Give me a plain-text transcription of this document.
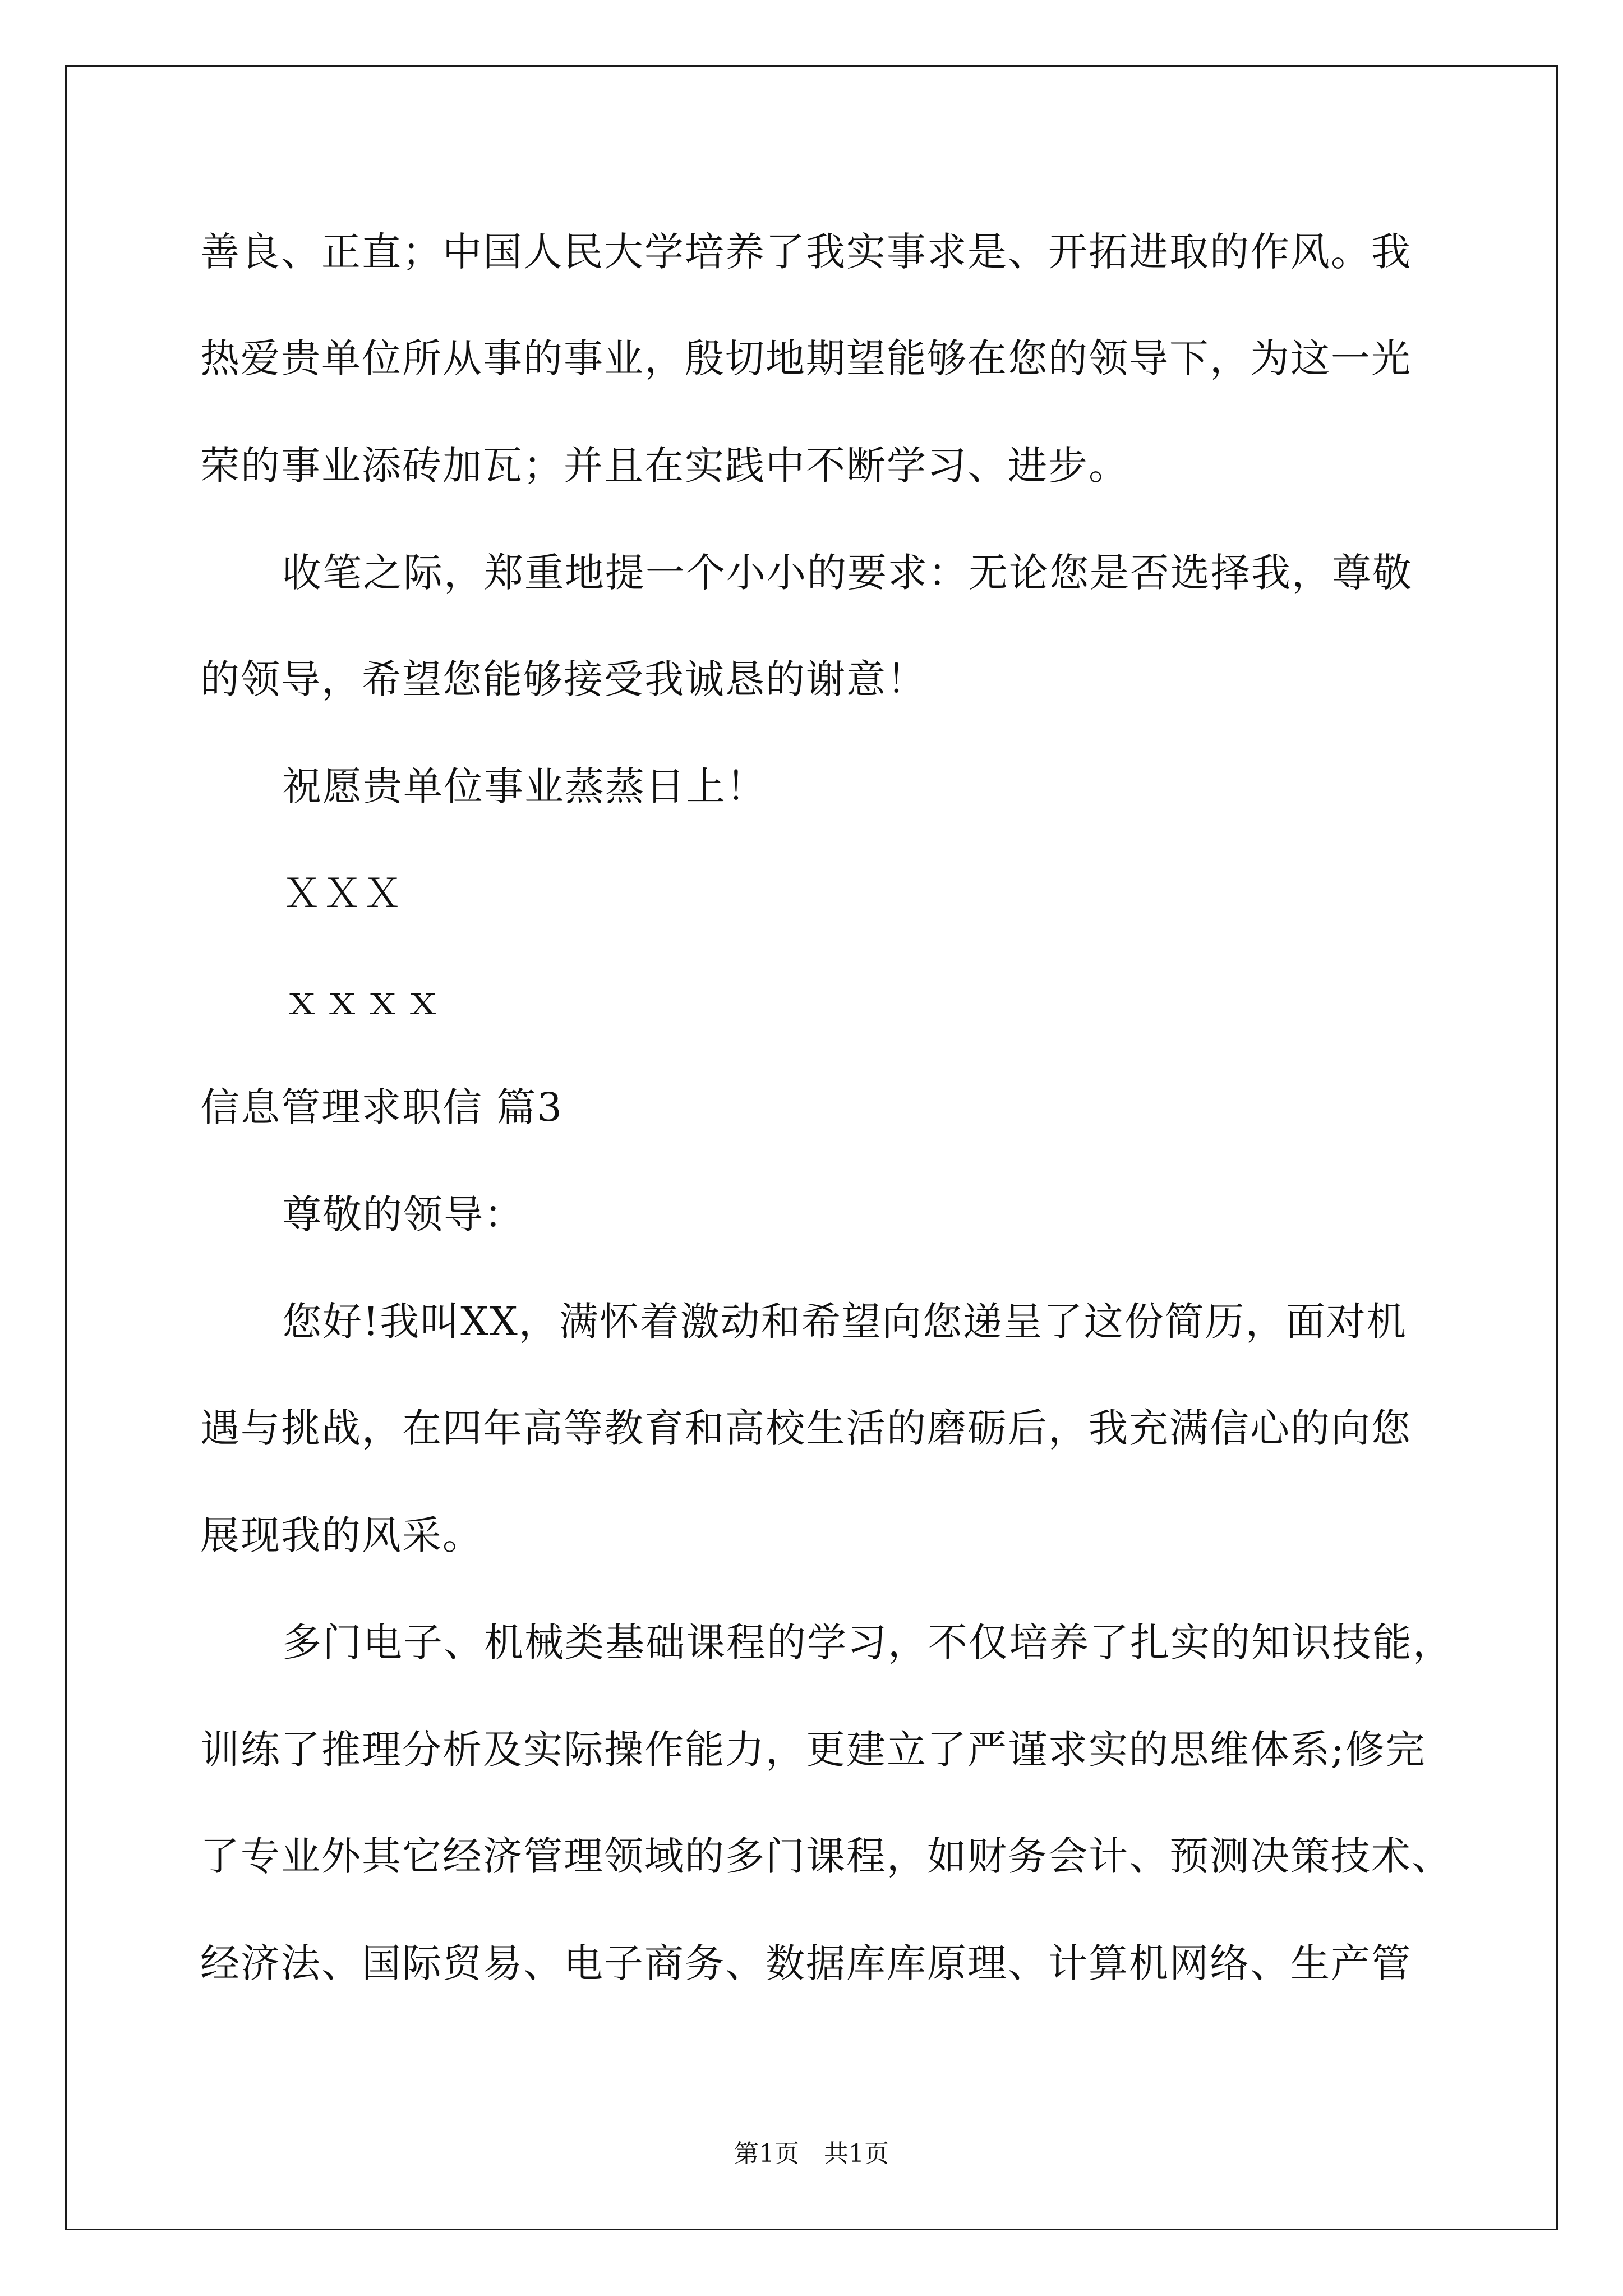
善良、正直；中国人民大学培养了我实事求是、开拓进取的作风。我
热爱贵单位所从事的事业，殷切地期望能够在您的领导下，为这一光
荣的事业添砖加瓦；并且在实践中不断学习、进步。
收笔之际，郑重地提一个小小的要求：无论您是否选择我，尊敬
的领导，希望您能够接受我诚恳的谢意！
祝愿贵单位事业蒸蒸日上！
ＸＸＸ
ｘｘｘｘ
信息管理求职信 篇3
尊敬的领导：
您好!我叫XX，满怀着激动和希望向您递呈了这份简历，面对机
遇与挑战，在四年高等教育和高校生活的磨砺后，我充满信心的向您
展现我的风采。
多门电子、机械类基础课程的学习，不仅培养了扎实的知识技能，
训练了推理分析及实际操作能力，更建立了严谨求实的思维体系;修完
了专业外其它经济管理领域的多门课程，如财务会计、预测决策技术、
经济法、国际贸易、电子商务、数据库库原理、计算机网络、生产管
第1页　共1页
